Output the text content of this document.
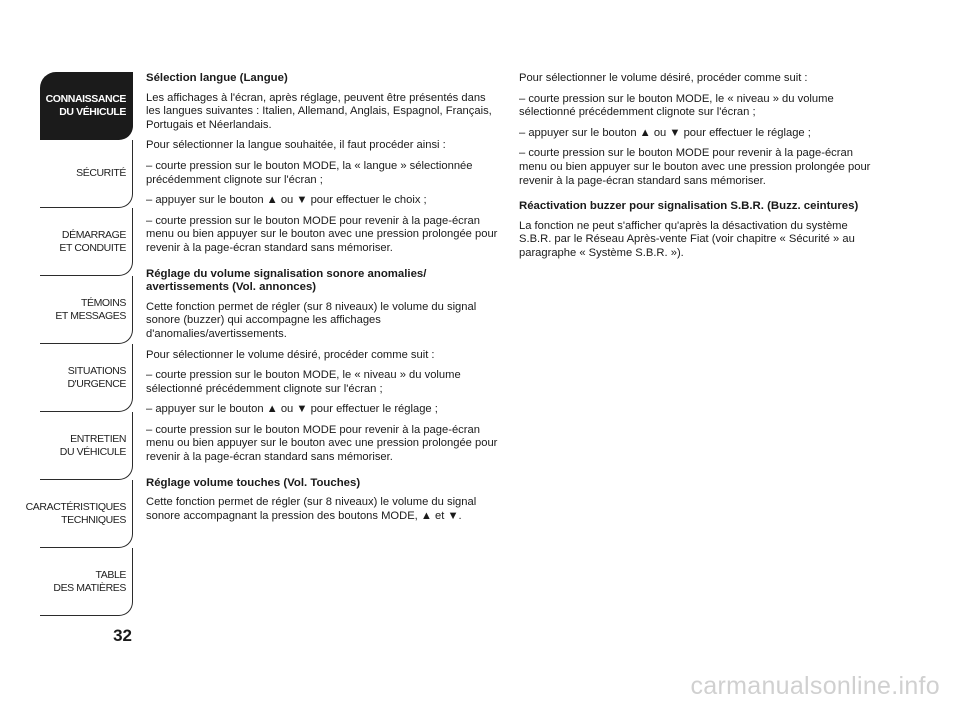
CONNAISSANCE
DU VÉHICULE
SÉCURITÉ
DÉMARRAGE
ET CONDUITE
TÉMOINS
ET MESSAGES
SITUATIONS
D'URGENCE
ENTRETIEN
DU VÉHICULE
CARACTÉRISTIQUES
TECHNIQUES
TABLE
DES MATIÈRES
32
Sélection langue (Langue)

Les affichages à l'écran, après réglage, peuvent être présentés dans les langues suivantes : Italien, Allemand, Anglais, Espagnol, Français, Portugais et Néerlandais.

Pour sélectionner la langue souhaitée, il faut procéder ainsi :

– courte pression sur le bouton MODE, la « langue » sélectionnée précédemment clignote sur l'écran ;

– appuyer sur le bouton ▲ ou ▼ pour effectuer le choix ;

– courte pression sur le bouton MODE pour revenir à la page-écran menu ou bien appuyer sur le bouton avec une pression prolongée pour revenir à la page-écran standard sans mémoriser.

Réglage du volume signalisation sonore anomalies/ avertissements (Vol. annonces)

Cette fonction permet de régler (sur 8 niveaux) le volume du signal sonore (buzzer) qui accompagne les affichages d'anomalies/avertissements.

Pour sélectionner le volume désiré, procéder comme suit :

– courte pression sur le bouton MODE, le « niveau » du volume sélectionné précédemment clignote sur l'écran ;

– appuyer sur le bouton ▲ ou ▼ pour effectuer le réglage ;

– courte pression sur le bouton MODE pour revenir à la page-écran menu ou bien appuyer sur le bouton avec une pression prolongée pour revenir à la page-écran standard sans mémoriser.

Réglage volume touches (Vol. Touches)

Cette fonction permet de régler (sur 8 niveaux) le volume du signal sonore accompagnant la pression des boutons MODE, ▲ et ▼.

Pour sélectionner le volume désiré, procéder comme suit :

– courte pression sur le bouton MODE, le « niveau » du volume sélectionné précédemment clignote sur l'écran ;

– appuyer sur le bouton ▲ ou ▼ pour effectuer le réglage ;

– courte pression sur le bouton MODE pour revenir à la page-écran menu ou bien appuyer sur le bouton avec une pression prolongée pour revenir à la page-écran standard sans mémoriser.

Réactivation buzzer pour signalisation S.B.R. (Buzz. ceintures)

La fonction ne peut s'afficher qu'après la désactivation du système S.B.R. par le Réseau Après-vente Fiat (voir chapitre « Sécurité » au paragraphe « Système S.B.R. »).

carmanualsonline.info
